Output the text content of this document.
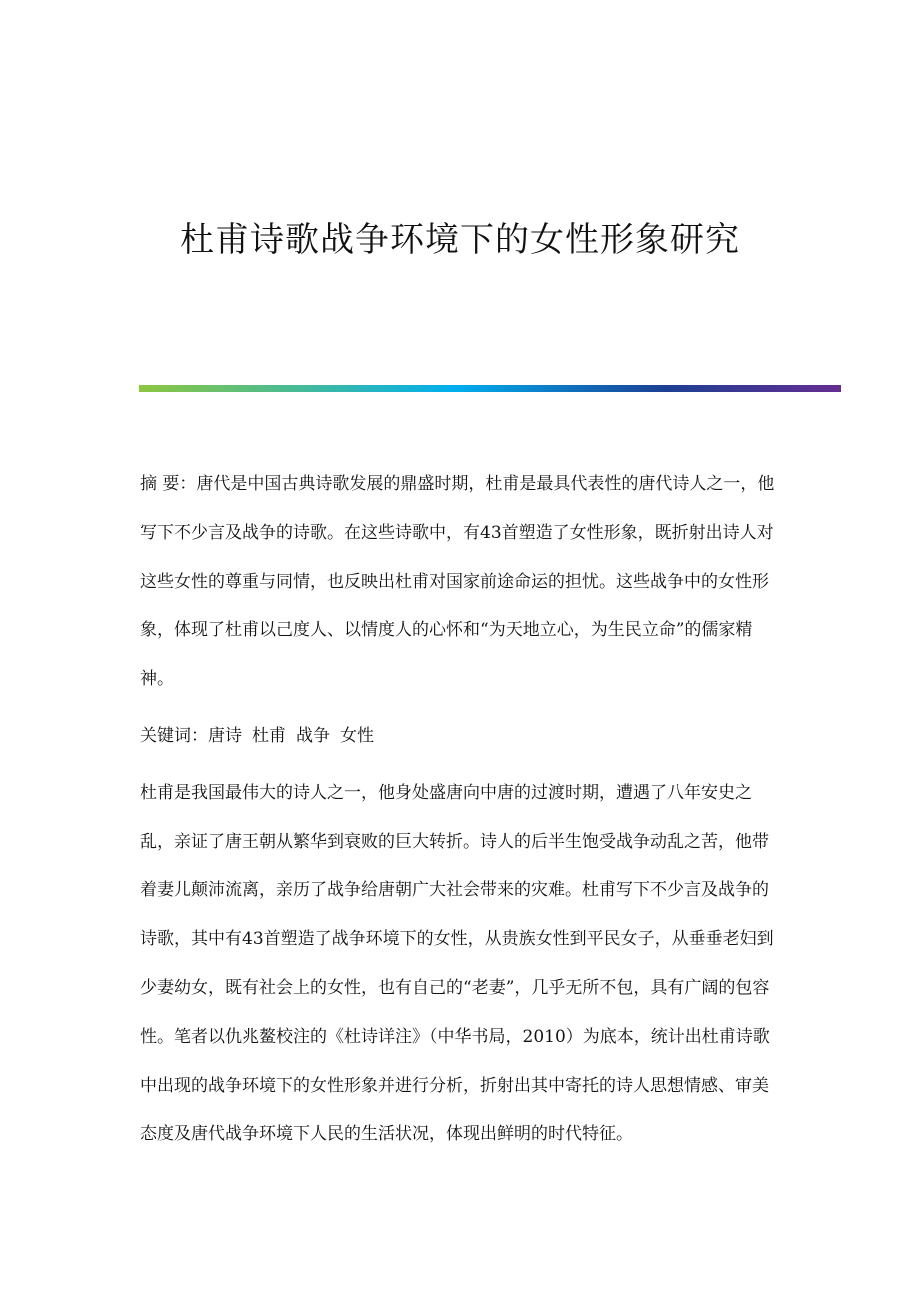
杜甫诗歌战争环境下的女性形象研究

摘 要：唐代是中国古典诗歌发展的鼎盛时期，杜甫是最具代表性的唐代诗人之一，他写下不少言及战争的诗歌。在这些诗歌中，有43首塑造了女性形象，既折射出诗人对这些女性的尊重与同情，也反映出杜甫对国家前途命运的担忧。这些战争中的女性形象，体现了杜甫以己度人、以情度人的心怀和“为天地立心，为生民立命”的儒家精神。

关键词：唐诗 杜甫 战争 女性

杜甫是我国最伟大的诗人之一，他身处盛唐向中唐的过渡时期，遭遇了八年安史之乱，亲证了唐王朝从繁华到衰败的巨大转折。诗人的后半生饱受战争动乱之苦，他带着妻儿颠沛流离，亲历了战争给唐朝广大社会带来的灾难。杜甫写下不少言及战争的诗歌，其中有43首塑造了战争环境下的女性，从贵族女性到平民女子，从垂垂老妇到少妻幼女，既有社会上的女性，也有自己的“老妻”，几乎无所不包，具有广阔的包容性。笔者以仇兆鳌校注的《杜诗详注》（中华书局，2010）为底本，统计出杜甫诗歌中出现的战争环境下的女性形象并进行分析，折射出其中寄托的诗人思想情感、审美态度及唐代战争环境下人民的生活状况，体现出鲜明的时代特征。
